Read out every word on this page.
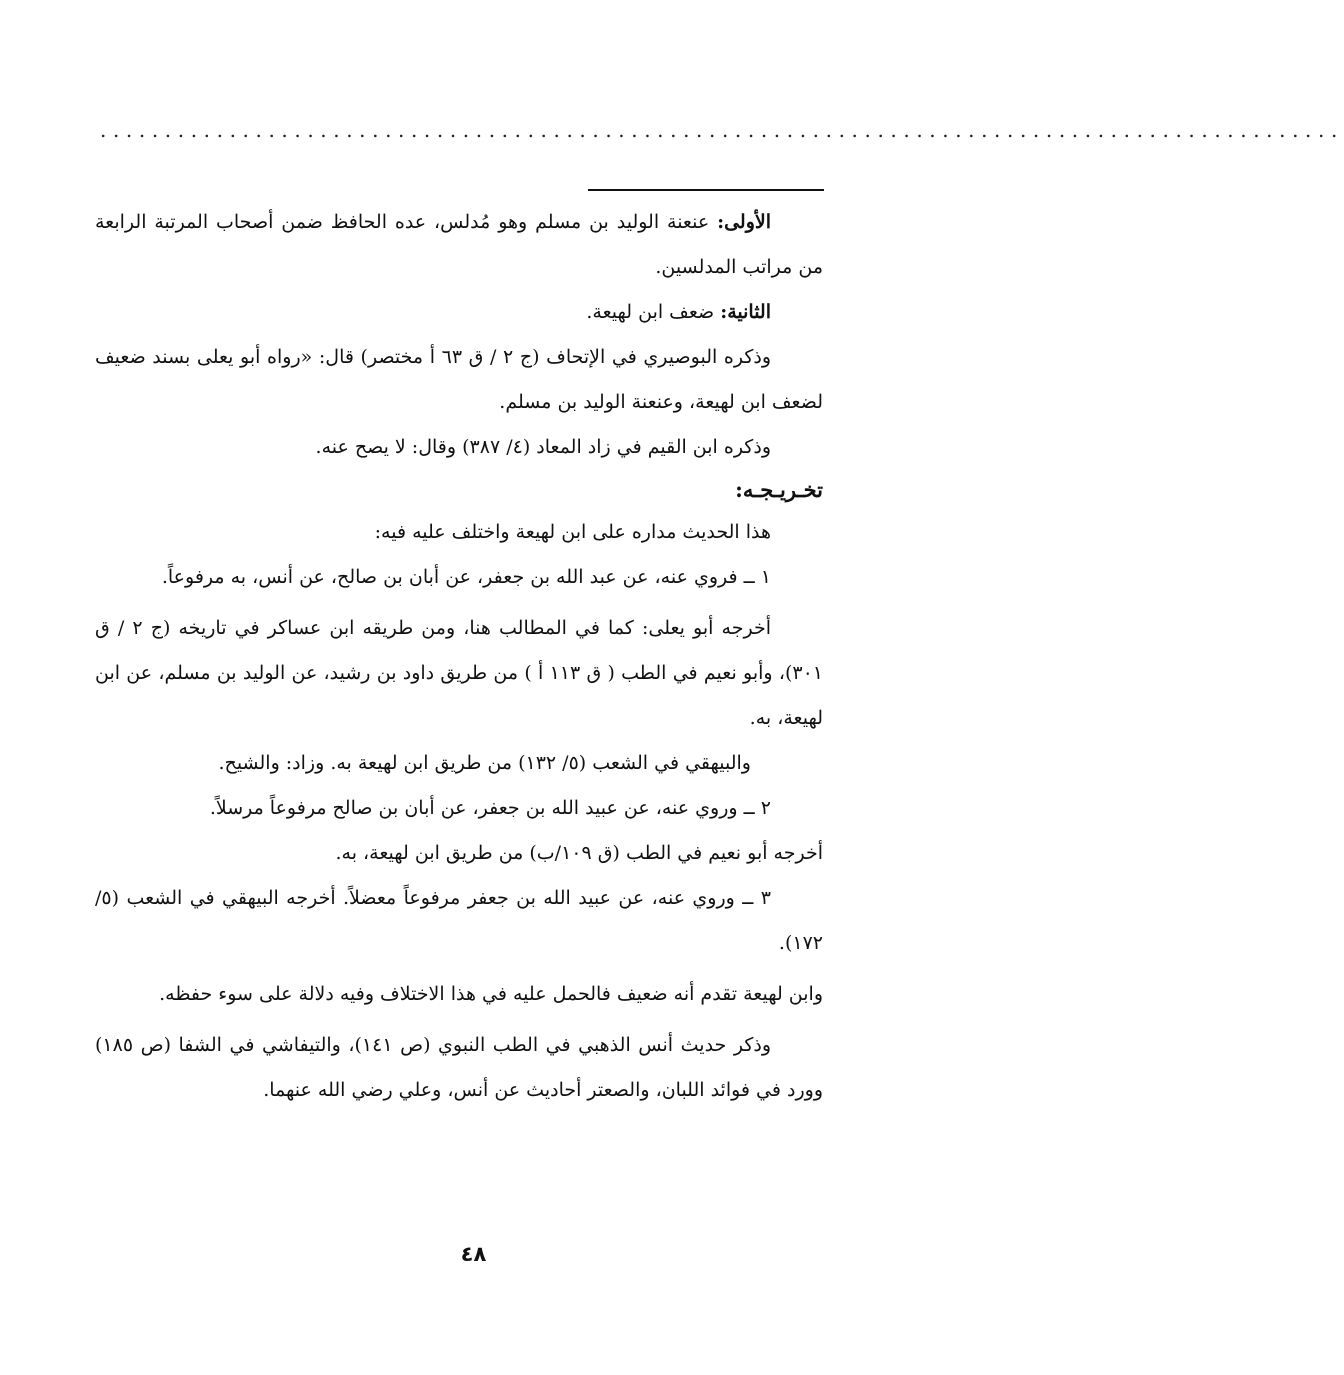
................................................................................................

الأولى: عنعنة الوليد بن مسلم وهو مُدلس، عده الحافظ ضمن أصحاب المرتبة الرابعة من مراتب المدلسين.

الثانية: ضعف ابن لهيعة.

وذكره البوصيري في الإتحاف (ج ٢ / ق ٦٣ أ مختصر) قال: «رواه أبو يعلى بسند ضعيف لضعف ابن لهيعة، وعنعنة الوليد بن مسلم.

وذكره ابن القيم في زاد المعاد (٤/ ٣٨٧) وقال: لا يصح عنه.

تخـريـجـه:

هذا الحديث مداره على ابن لهيعة واختلف عليه فيه:

١ ــ فروي عنه، عن عبد الله بن جعفر، عن أبان بن صالح، عن أنس، به مرفوعاً.

أخرجه أبو يعلى: كما في المطالب هنا، ومن طريقه ابن عساكر في تاريخه (ج ٢ / ق ٣٠١)، وأبو نعيم في الطب ( ق ١١٣ أ ) من طريق داود بن رشيد، عن الوليد بن مسلم، عن ابن لهيعة، به.

والبيهقي في الشعب (٥/ ١٣٢) من طريق ابن لهيعة به. وزاد: والشيح.

٢ ــ وروي عنه، عن عبيد الله بن جعفر، عن أبان بن صالح مرفوعاً مرسلاً.

أخرجه أبو نعيم في الطب (ق ١٠٩/ب) من طريق ابن لهيعة، به.

٣ ــ وروي عنه، عن عبيد الله بن جعفر مرفوعاً معضلاً. أخرجه البيهقي في الشعب (٥/ ١٧٢).

وابن لهيعة تقدم أنه ضعيف فالحمل عليه في هذا الاختلاف وفيه دلالة على سوء حفظه.

وذكر حديث أنس الذهبي في الطب النبوي (ص ١٤١)، والتيفاشي في الشفا (ص ١٨٥) وورد في فوائد اللبان، والصعتر أحاديث عن أنس، وعلي رضي الله عنهما.

٤٨
